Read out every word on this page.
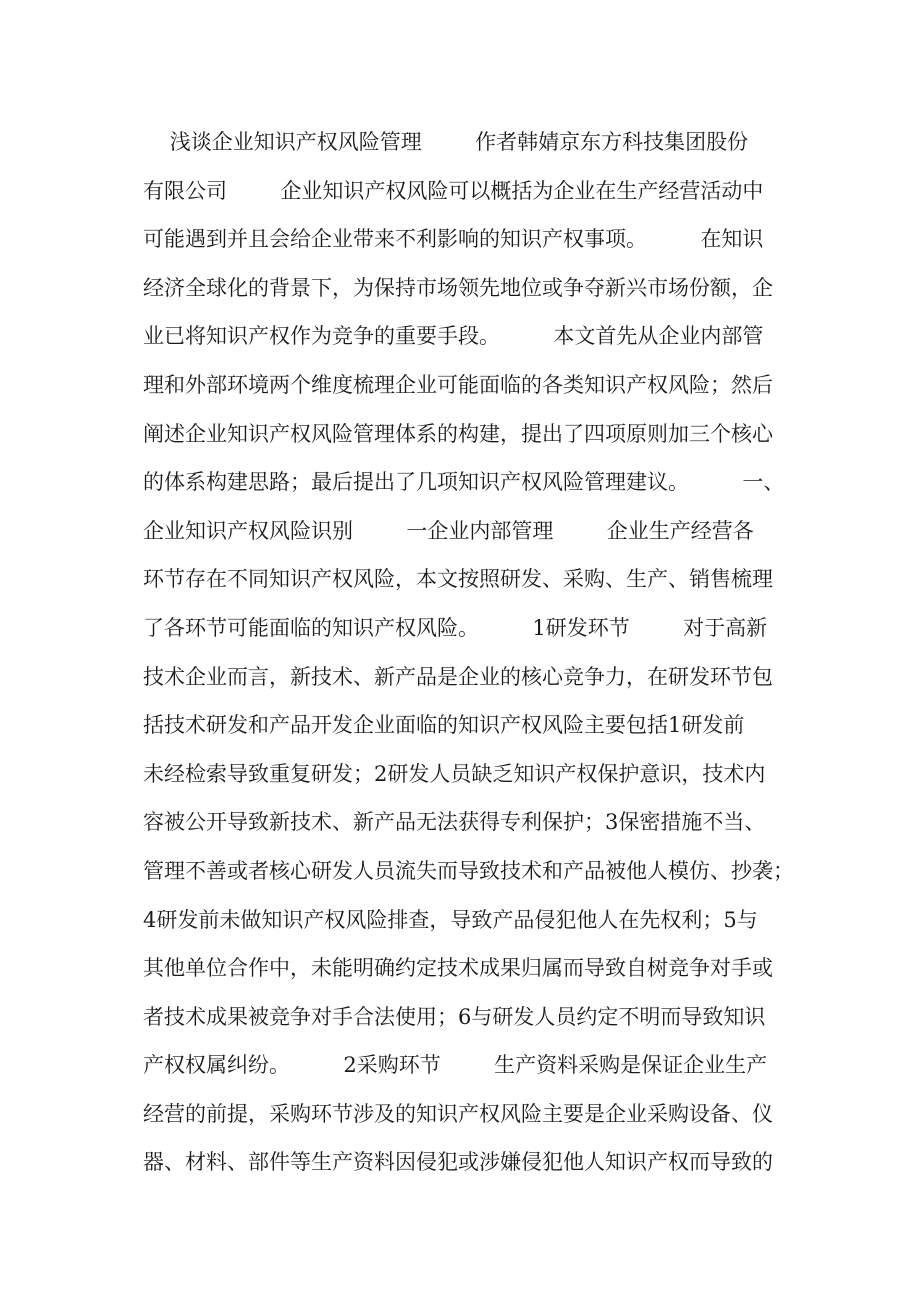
浅谈企业知识产权风险管理        作者韩婧京东方科技集团股份
有限公司        企业知识产权风险可以概括为企业在生产经营活动中
可能遇到并且会给企业带来不利影响的知识产权事项。        在知识
经济全球化的背景下，为保持市场领先地位或争夺新兴市场份额，企
业已将知识产权作为竞争的重要手段。        本文首先从企业内部管
理和外部环境两个维度梳理企业可能面临的各类知识产权风险；然后
阐述企业知识产权风险管理体系的构建，提出了四项原则加三个核心
的体系构建思路；最后提出了几项知识产权风险管理建议。        一、
企业知识产权风险识别        一企业内部管理        企业生产经营各
环节存在不同知识产权风险，本文按照研发、采购、生产、销售梳理
了各环节可能面临的知识产权风险。        1研发环节        对于高新
技术企业而言，新技术、新产品是企业的核心竞争力，在研发环节包
括技术研发和产品开发企业面临的知识产权风险主要包括1研发前
未经检索导致重复研发；2研发人员缺乏知识产权保护意识，技术内
容被公开导致新技术、新产品无法获得专利保护；3保密措施不当、
管理不善或者核心研发人员流失而导致技术和产品被他人模仿、抄袭；
4研发前未做知识产权风险排查，导致产品侵犯他人在先权利；5与
其他单位合作中，未能明确约定技术成果归属而导致自树竞争对手或
者技术成果被竞争对手合法使用；6与研发人员约定不明而导致知识
产权权属纠纷。        2采购环节        生产资料采购是保证企业生产
经营的前提，采购环节涉及的知识产权风险主要是企业采购设备、仪
器、材料、部件等生产资料因侵犯或涉嫌侵犯他人知识产权而导致的
